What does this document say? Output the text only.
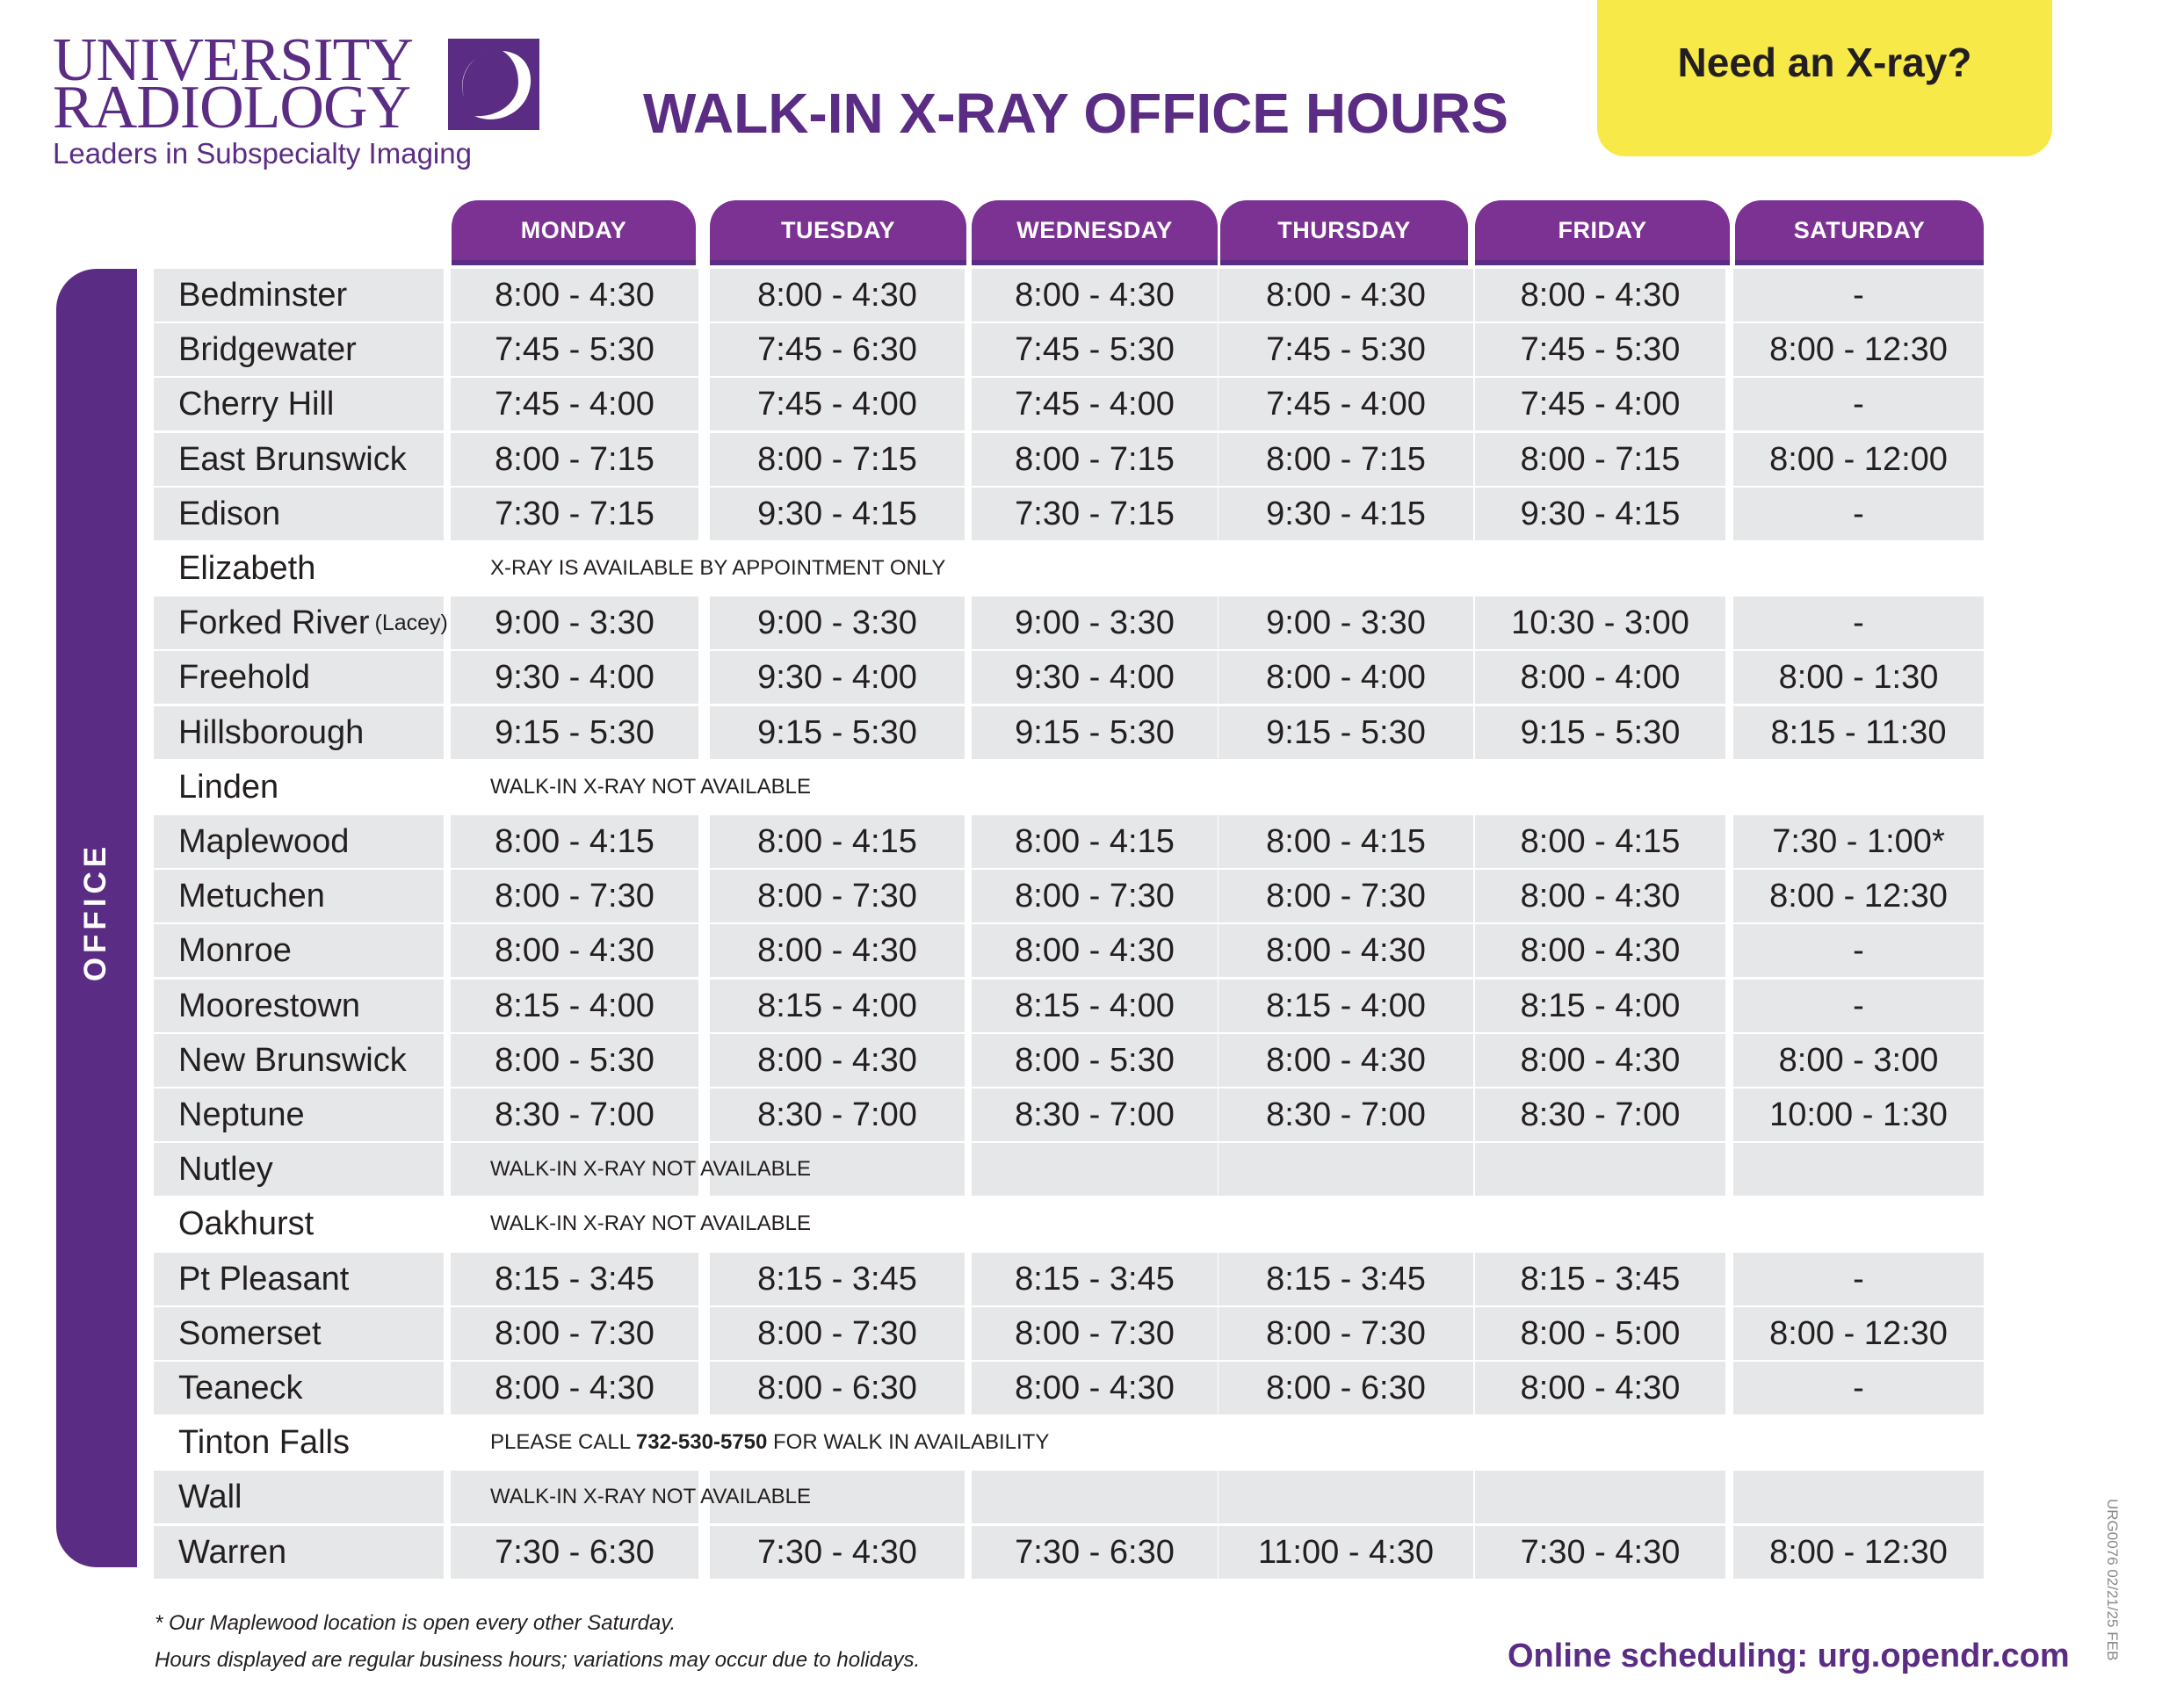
UNIVERSITY
RADIOLOGY
Leaders in Subspecialty Imaging
WALK-IN X-RAY OFFICE HOURS
Need an X-ray?
MONDAY	TUESDAY	WEDNESDAY	THURSDAY	FRIDAY	SATURDAY
OFFICE
Bedminster	8:00 - 4:30	8:00 - 4:30	8:00 - 4:30	8:00 - 4:30	8:00 - 4:30	-
Bridgewater	7:45 - 5:30	7:45 - 6:30	7:45 - 5:30	7:45 - 5:30	7:45 - 5:30	8:00 - 12:30
Cherry Hill	7:45 - 4:00	7:45 - 4:00	7:45 - 4:00	7:45 - 4:00	7:45 - 4:00	-
East Brunswick	8:00 - 7:15	8:00 - 7:15	8:00 - 7:15	8:00 - 7:15	8:00 - 7:15	8:00 - 12:00
Edison	7:30 - 7:15	9:30 - 4:15	7:30 - 7:15	9:30 - 4:15	9:30 - 4:15	-
Elizabeth	X-RAY IS AVAILABLE BY APPOINTMENT ONLY
Forked River (Lacey)	9:00 - 3:30	9:00 - 3:30	9:00 - 3:30	9:00 - 3:30	10:30 - 3:00	-
Freehold	9:30 - 4:00	9:30 - 4:00	9:30 - 4:00	8:00 - 4:00	8:00 - 4:00	8:00 - 1:30
Hillsborough	9:15 - 5:30	9:15 - 5:30	9:15 - 5:30	9:15 - 5:30	9:15 - 5:30	8:15 - 11:30
Linden	WALK-IN X-RAY NOT AVAILABLE
Maplewood	8:00 - 4:15	8:00 - 4:15	8:00 - 4:15	8:00 - 4:15	8:00 - 4:15	7:30 - 1:00*
Metuchen	8:00 - 7:30	8:00 - 7:30	8:00 - 7:30	8:00 - 7:30	8:00 - 4:30	8:00 - 12:30
Monroe	8:00 - 4:30	8:00 - 4:30	8:00 - 4:30	8:00 - 4:30	8:00 - 4:30	-
Moorestown	8:15 - 4:00	8:15 - 4:00	8:15 - 4:00	8:15 - 4:00	8:15 - 4:00	-
New Brunswick	8:00 - 5:30	8:00 - 4:30	8:00 - 5:30	8:00 - 4:30	8:00 - 4:30	8:00 - 3:00
Neptune	8:30 - 7:00	8:30 - 7:00	8:30 - 7:00	8:30 - 7:00	8:30 - 7:00	10:00 - 1:30
Nutley	WALK-IN X-RAY NOT AVAILABLE
Oakhurst	WALK-IN X-RAY NOT AVAILABLE
Pt Pleasant	8:15 - 3:45	8:15 - 3:45	8:15 - 3:45	8:15 - 3:45	8:15 - 3:45	-
Somerset	8:00 - 7:30	8:00 - 7:30	8:00 - 7:30	8:00 - 7:30	8:00 - 5:00	8:00 - 12:30
Teaneck	8:00 - 4:30	8:00 - 6:30	8:00 - 4:30	8:00 - 6:30	8:00 - 4:30	-
Tinton Falls	PLEASE CALL 732-530-5750 FOR WALK IN AVAILABILITY
Wall	WALK-IN X-RAY NOT AVAILABLE
Warren	7:30 - 6:30	7:30 - 4:30	7:30 - 6:30	11:00 - 4:30	7:30 - 4:30	8:00 - 12:30
* Our Maplewood location is open every other Saturday.
Hours displayed are regular business hours; variations may occur due to holidays.	Online scheduling: urg.opendr.com URG0076 02/21/25 FEB
